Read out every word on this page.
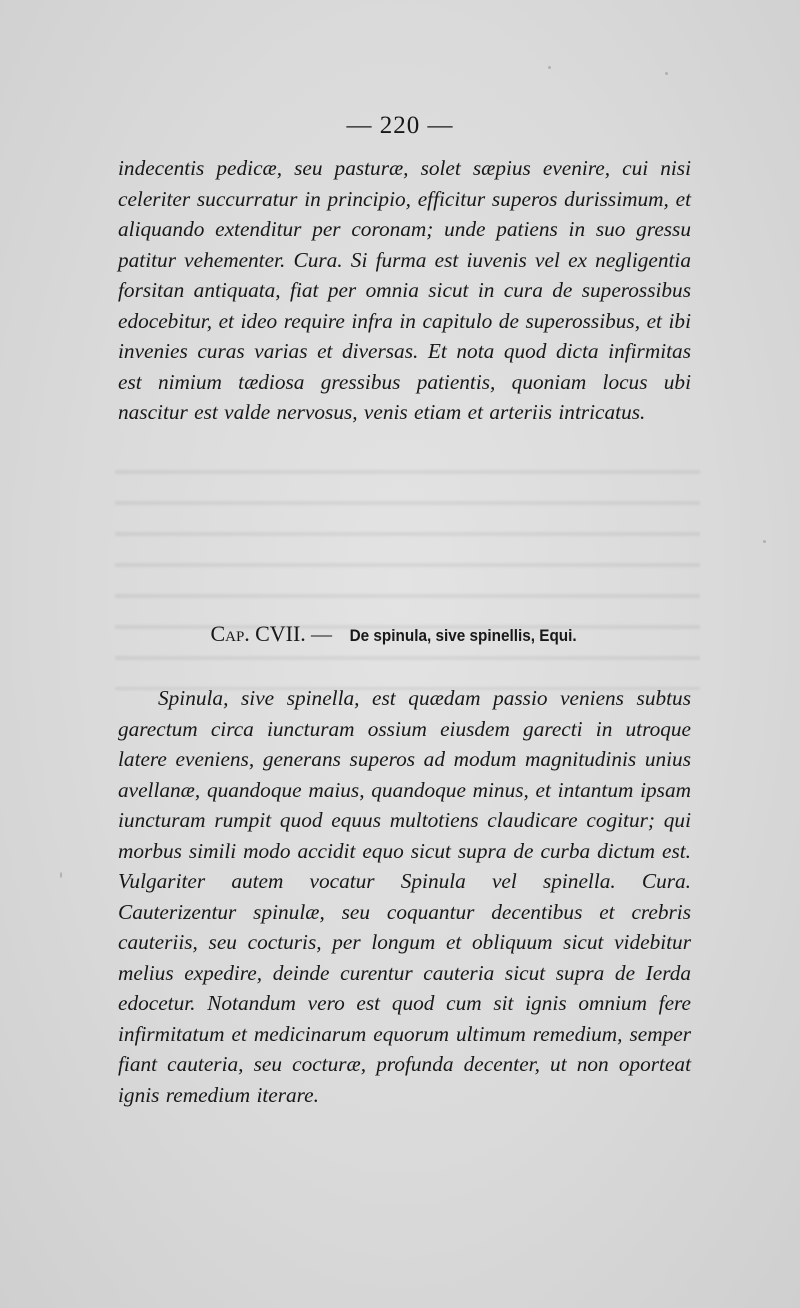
— 220 —
indecentis pedicæ, seu pasturæ, solet sæpius evenire, cui nisi celeriter succurratur in principio, efficitur superos durissimum, et aliquando extenditur per coronam; unde patiens in suo gressu patitur vehementer. Cura. Si furma est iuvenis vel ex negligentia forsitan antiquata, fiat per omnia sicut in cura de superossibus edocebitur, et ideo require infra in capitulo de superossibus, et ibi invenies curas varias et diversas. Et nota quod dicta infirmitas est nimium tædiosa gressibus patientis, quoniam locus ubi nascitur est valde nervosus, venis etiam et arteriis intricatus.
Cap. CVII. — De spinula, sive spinellis, Equi.
Spinula, sive spinella, est quædam passio veniens subtus garectum circa iuncturam ossium eiusdem garecti in utroque latere eveniens, generans superos ad modum magnitudinis unius avellanæ, quandoque maius, quandoque minus, et intantum ipsam iuncturam rumpit quod equus multotiens claudicare cogitur; qui morbus simili modo accidit equo sicut supra de curba dictum est. Vulgariter autem vocatur Spinula vel spinella. Cura. Cauterizentur spinulæ, seu coquantur decentibus et crebris cauteriis, seu cocturis, per longum et obliquum sicut videbitur melius expedire, deinde curentur cauteria sicut supra de Ierda edocetur. Notandum vero est quod cum sit ignis omnium fere infirmitatum et medicinarum equorum ultimum remedium, semper fiant cauteria, seu cocturæ, profunda decenter, ut non oporteat ignis remedium iterare.
